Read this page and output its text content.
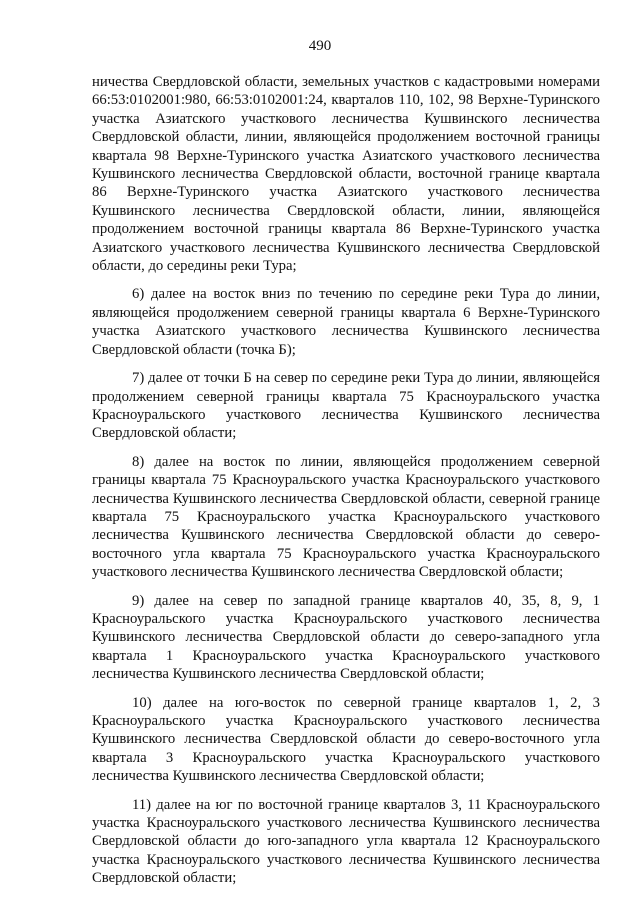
490

ничества Свердловской области, земельных участков с кадастровыми номерами 66:53:0102001:980, 66:53:0102001:24, кварталов 110, 102, 98 Верхне-Туринского участка Азиатского участкового лесничества Кушвинского лесничества Свердловской области, линии, являющейся продолжением восточной границы квартала 98 Верхне-Туринского участка Азиатского участкового лесничества Кушвинского лесничества Свердловской области, восточной границе квартала 86 Верхне-Туринского участка Азиатского участкового лесничества Кушвинского лесничества Свердловской области, линии, являющейся продолжением восточной границы квартала 86 Верхне-Туринского участка Азиатского участкового лесничества Кушвинского лесничества Свердловской области, до середины реки Тура;

6) далее на восток вниз по течению по середине реки Тура до линии, являющейся продолжением северной границы квартала 6 Верхне-Туринского участка Азиатского участкового лесничества Кушвинского лесничества Свердловской области (точка Б);

7) далее от точки Б на север по середине реки Тура до линии, являющейся продолжением северной границы квартала 75 Красноуральского участка Красноуральского участкового лесничества Кушвинского лесничества Свердловской области;

8) далее на восток по линии, являющейся продолжением северной границы квартала 75 Красноуральского участка Красноуральского участкового лесничества Кушвинского лесничества Свердловской области, северной границе квартала 75 Красноуральского участка Красноуральского участкового лесничества Кушвинского лесничества Свердловской области до северо-восточного угла квартала 75 Красноуральского участка Красноуральского участкового лесничества Кушвинского лесничества Свердловской области;

9) далее на север по западной границе кварталов 40, 35, 8, 9, 1 Красноуральского участка Красноуральского участкового лесничества Кушвинского лесничества Свердловской области до северо-западного угла квартала 1 Красноуральского участка Красноуральского участкового лесничества Кушвинского лесничества Свердловской области;

10) далее на юго-восток по северной границе кварталов 1, 2, 3 Красноуральского участка Красноуральского участкового лесничества Кушвинского лесничества Свердловской области до северо-восточного угла квартала 3 Красноуральского участка Красноуральского участкового лесничества Кушвинского лесничества Свердловской области;

11) далее на юг по восточной границе кварталов 3, 11 Красноуральского участка Красноуральского участкового лесничества Кушвинского лесничества Свердловской области до юго-западного угла квартала 12 Красноуральского участка Красноуральского участкового лесничества Кушвинского лесничества Свердловской области;
